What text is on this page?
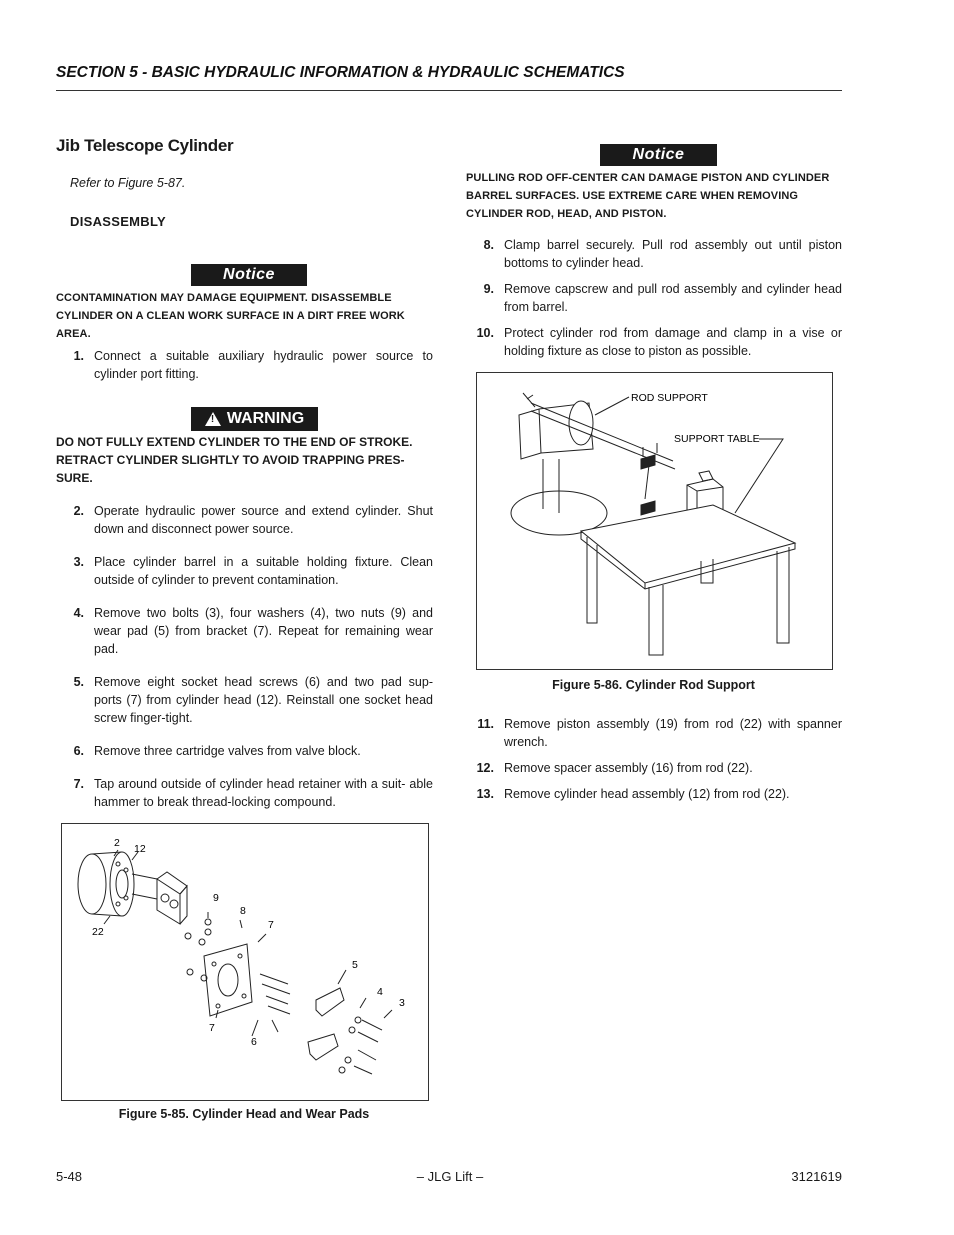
SECTION 5 - BASIC HYDRAULIC INFORMATION & HYDRAULIC SCHEMATICS
Jib Telescope Cylinder
Refer to Figure 5-87.
DISASSEMBLY
Notice
CCONTAMINATION MAY DAMAGE EQUIPMENT. DISASSEMBLE CYLINDER ON A CLEAN WORK SURFACE IN A DIRT FREE WORK AREA.
1. Connect a suitable auxiliary hydraulic power source to cylinder port fitting.
! WARNING
DO NOT FULLY EXTEND CYLINDER TO THE END OF STROKE. RETRACT CYLINDER SLIGHTLY TO AVOID TRAPPING PRES- SURE.
2. Operate hydraulic power source and extend cylinder. Shut down and disconnect power source.
3. Place cylinder barrel in a suitable holding fixture. Clean outside of cylinder to prevent contamination.
4. Remove two bolts (3), four washers (4), two nuts (9) and wear pad (5) from bracket (7). Repeat for remaining wear pad.
5. Remove eight socket head screws (6) and two pad sup- ports (7) from cylinder head (12). Reinstall one socket head screw finger-tight.
6. Remove three cartridge valves from valve block.
7. Tap around outside of cylinder head retainer with a suit- able hammer to break thread-locking compound.
2 12
22
9
8
7
5
4
3
7
6
Figure 5-85. Cylinder Head and Wear Pads
Notice
PULLING ROD OFF-CENTER CAN DAMAGE PISTON AND CYLINDER BARREL SURFACES. USE EXTREME CARE WHEN REMOVING CYLINDER ROD, HEAD, AND PISTON.
8. Clamp barrel securely. Pull rod assembly out until piston bottoms to cylinder head.
9. Remove capscrew and pull rod assembly and cylinder head from barrel.
10. Protect cylinder rod from damage and clamp in a vise or holding fixture as close to piston as possible.
ROD SUPPORT
SUPPORT TABLE
Figure 5-86. Cylinder Rod Support
11. Remove piston assembly (19) from rod (22) with spanner wrench.
12. Remove spacer assembly (16) from rod (22).
13. Remove cylinder head assembly (12) from rod (22).
5-48	– JLG Lift –	3121619
